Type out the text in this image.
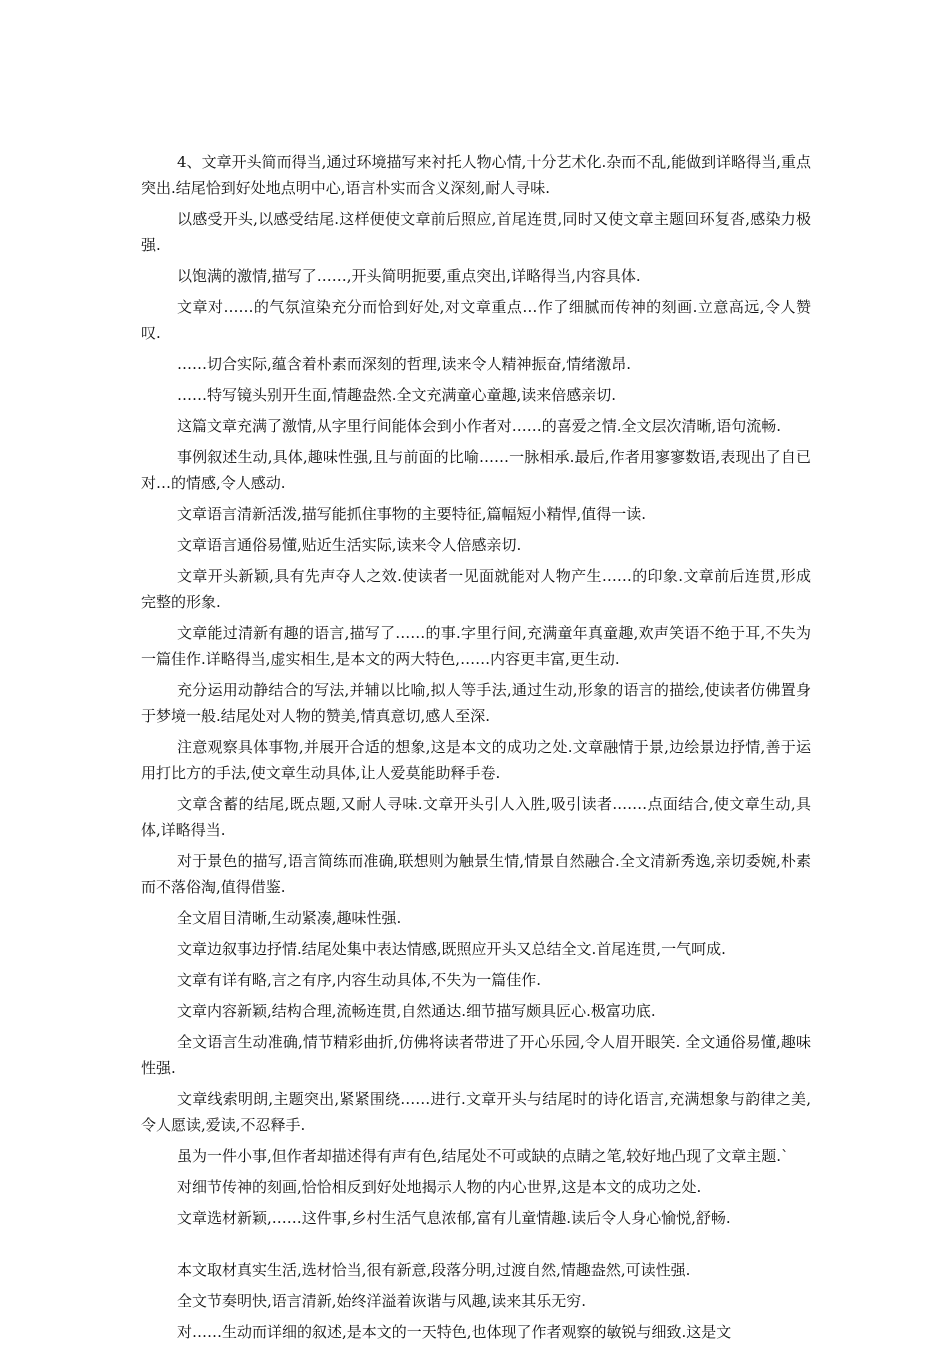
4、文章开头简而得当,通过环境描写来衬托人物心情,十分艺术化.杂而不乱,能做到详略得当,重点突出.结尾恰到好处地点明中心,语言朴实而含义深刻,耐人寻味.

以感受开头,以感受结尾.这样便使文章前后照应,首尾连贯,同时又使文章主题回环复沓,感染力极强.

以饱满的激情,描写了……,开头简明扼要,重点突出,详略得当,内容具体.

文章对……的气氛渲染充分而恰到好处,对文章重点…作了细腻而传神的刻画.立意高远,令人赞叹.

……切合实际,蕴含着朴素而深刻的哲理,读来令人精神振奋,情绪激昂.

……特写镜头别开生面,情趣盎然.全文充满童心童趣,读来倍感亲切.

这篇文章充满了激情,从字里行间能体会到小作者对……的喜爱之情.全文层次清晰,语句流畅.

事例叙述生动,具体,趣味性强,且与前面的比喻……一脉相承.最后,作者用寥寥数语,表现出了自已对…的情感,令人感动.

文章语言清新活泼,描写能抓住事物的主要特征,篇幅短小精悍,值得一读.

文章语言通俗易懂,贴近生活实际,读来令人倍感亲切.

文章开头新颖,具有先声夺人之效.使读者一见面就能对人物产生……的印象.文章前后连贯,形成完整的形象.

文章能过清新有趣的语言,描写了……的事.字里行间,充满童年真童趣,欢声笑语不绝于耳,不失为一篇佳作.详略得当,虚实相生,是本文的两大特色,……内容更丰富,更生动.

充分运用动静结合的写法,并辅以比喻,拟人等手法,通过生动,形象的语言的描绘,使读者仿佛置身于梦境一般.结尾处对人物的赞美,情真意切,感人至深.

注意观察具体事物,并展开合适的想象,这是本文的成功之处.文章融情于景,边绘景边抒情,善于运用打比方的手法,使文章生动具体,让人爱莫能助释手卷.

文章含蓄的结尾,既点题,又耐人寻味.文章开头引人入胜,吸引读者.……点面结合,使文章生动,具体,详略得当.

对于景色的描写,语言简练而准确,联想则为触景生情,情景自然融合.全文清新秀逸,亲切委婉,朴素而不落俗淘,值得借鉴.

全文眉目清晰,生动紧凑,趣味性强.

文章边叙事边抒情.结尾处集中表达情感,既照应开头又总结全文.首尾连贯,一气呵成.

文章有详有略,言之有序,内容生动具体,不失为一篇佳作.

文章内容新颖,结构合理,流畅连贯,自然通达.细节描写颇具匠心.极富功底.

全文语言生动准确,情节精彩曲折,仿佛将读者带进了开心乐园,令人眉开眼笑. 全文通俗易懂,趣味性强.

文章线索明朗,主题突出,紧紧围绕……进行.文章开头与结尾时的诗化语言,充满想象与韵律之美,令人愿读,爱读,不忍释手.

虽为一件小事,但作者却描述得有声有色,结尾处不可或缺的点睛之笔,较好地凸现了文章主题.`

对细节传神的刻画,恰恰相反到好处地揭示人物的内心世界,这是本文的成功之处.

文章选材新颖,……这件事,乡村生活气息浓郁,富有儿童情趣.读后令人身心愉悦,舒畅.

本文取材真实生活,选材恰当,很有新意,段落分明,过渡自然,情趣盎然,可读性强.

全文节奏明快,语言清新,始终洋溢着诙谐与风趣,读来其乐无穷.

对……生动而详细的叙述,是本文的一天特色,也体现了作者观察的敏锐与细致.这是文
